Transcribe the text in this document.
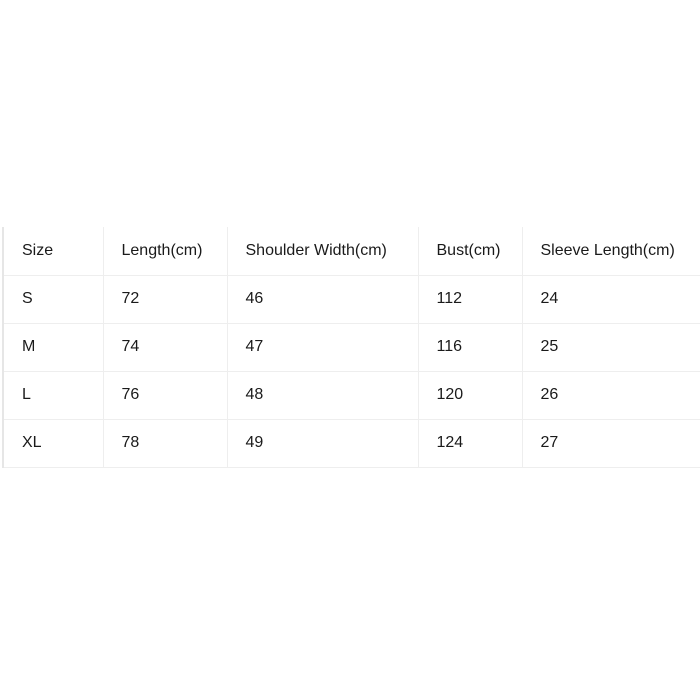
Size	Length(cm)	Shoulder Width(cm)	Bust(cm)	Sleeve Length(cm)
S	72	46	112	24
M	74	47	116	25
L	76	48	120	26
XL	78	49	124	27
